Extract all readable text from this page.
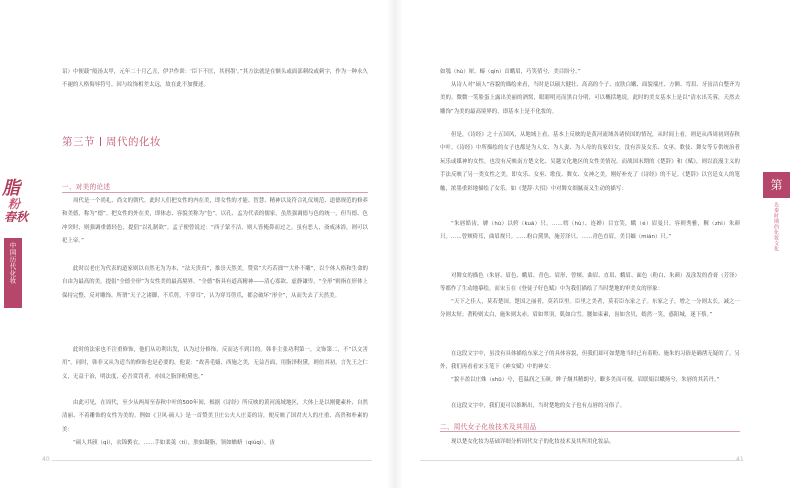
诏）中便载“般汤太甲，元年二十月乙丑，伊尹作训：‘臣下不匡，其刑墨’。”其方法就是在额头或面部刺纹或刺字，作为一种永久不褪的人格侮辱符号。因与纹饰相差太远，故在此不加赘述。

第三节 周代的化妆
一、对美的论述

周代是一个尚礼、尚文的朝代。此时人们把女性的内在美，即女性的才能、智慧、精神以及符合礼仪规范、道德规范的修养和美德，称为“德”。把女性的外在美，即体态、容貌美称为“色”。以孔、孟为代表的儒家，虽然强调德与色的统一，但当德、色冲突时，则强调重德轻色，提倡“以礼制欲”。孟子便曾说过：“西子蒙不洁，则人皆掩鼻而过之。虽有恶人，斋戒沐浴，则可以祀上帝。”

此时以老庄为代表的道家则以自然无为为本，“法天贵真”，推崇天然美，赞赏“大巧若拙”“大朴不雕”，以个体人格和生命的自由为最高的美。提倡“全德全形”为女性美的最高境界。“全德”指具有道高精神——清心寡欲、虚静谦卑，“全形”则指在形体上保持完整、反对雕饰。所谓“天子之诸御，不爪剪，不穿耳”，认为穿耳剪爪，都会破坏“形全”，从而失去了天然美。

此时的法家也不注重修饰，他们从功利出发，认为过分修饰，反而达不到目的。韩非主张功利第一，文饰第二，不“以文害用”。同时，韩非又从为适当的修饰也是必要的，他说：“故善毛嫱、西施之美，无益吾面，用脂泽粉黛，则倍其初。言先王之仁义，无益于治，明法度，必吾赏罚者，亦国之脂泽粉黛也。”

由此可见，在周代，至少从两周至春秋中叶的500年间，根据《诗经》所反映的黄河流域地区，大体上是以刚健素朴、自然清丽、不着雕饰的女性为美的。例如《卫风·硕人》是一首赞美卫庄公夫人庄姜的诗，便反映了国君夫人的庄重、高贵和朴素的美：

“硕人其颀（qí），衣锦褧衣。……手如柔荑（tí），肤如凝脂，领如蝤蛴（qiúqí），齿

40
脂
粉
春秋
中国历代化妆

如瓠（hù）犀，螓（qín）首蛾眉，巧笑倩兮，美目盼兮。”

从诗人对“硕人”容貌的描绘来看，当时是以硕大健壮、高高的个子、皮肤白嫩、面貌端庄、方额、弯眉、牙齿洁白整齐为美的。微微一笑脸蛋上露出美丽的酒窝，眼睛明亮而黑白分明，可以概括地说，此时的美女基本上是以“清水出芙蓉，天然去雕饰”为美的最高境界的，即基本上是不化妆的。

但是，《诗经》之十五国风，从地域上看，基本上反映的是黄河流域各诸侯国的情况，从时间上看，则是从西周初到春秋中叶。《诗经》中所描绘的女子也都是为人女、为人妻、为人母的良家妇女，没有涉及女乐、女巫、歌伎、舞女等专供统治者玩乐或媒神的女性，也没有反映南方楚文化、吴越文化地区的女性美情况。而战国末期的《楚辞》和《赋》，则以浪漫主义的手法反映了另一类女性之美，即女乐、女巫、歌伎、舞女、女神之美，刚好补充了《诗经》的不足。《楚辞》以宫廷女人的笔触，浓墨重彩地描绘了女乐。如《楚辞·大招》中对舞女细腻而又生动的描写：

“朱唇皓齿，嫭（hù）以姱（kuā）只。……嫮（hù）、连婵）目宜笑，蛾（é）眉曼只。容则秀雅，穉（zhì）朱颜只。……曾颊倚耳，曲眉规只。……粉白黛黑，施芳泽只。……青色直眉，美目媔（mián）只。”

对舞女的描色（朱唇、眉色、蛾眉、青色、眉形、曾颊、曲眉、直眉、蛾眉、面色（粉白、朱颜）及涂发的香膏（芳泽）等都作了生动地摹绘。而宋玉在《登徒子好色赋》中为我们描绘了当时楚地的审美女的形象：

“天下之佳人，莫若楚国。楚国之丽者，莫若臣里。臣里之美者，莫若臣东家之子。东家之子，增之一分则太长，减之一分则太短；著粉则太白，施朱则太赤。眉如翠羽，肌如白雪。腰如束素，齿如含贝，嫣然一笑，惑阳城，迷下蔡。”

在这段文字中，虽没有具体描绘东家之子的具体容貌，但我们却可如楚地当时已有着粉、施朱的习俗是确凿无疑的了。另外，我们再看看宋玉笔下《神女赋》中的神女：

“貌丰盈以庄姝（shū）兮，苞温润之玉颜。眸子炯其精朗兮，瞭多美而可视。眉联娟以蛾扬兮，朱唇的其若丹。”

在这段文字中，我们更可以推断出，当时楚地的女子也有点唇的习俗了。

二、周代女子化妆技术及其用品

现以楚女化妆为基础详细分析周代女子的化妆技术及其所用化妆品。

41
第
先秦时期的化妆文化
